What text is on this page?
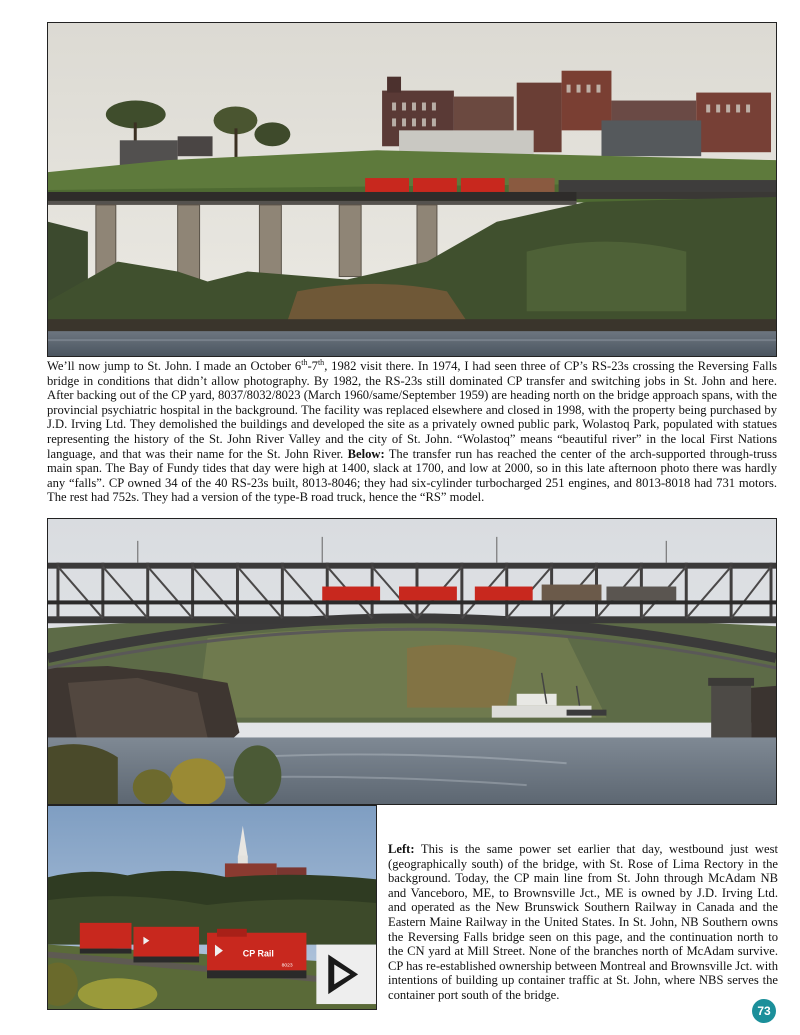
We’ll now jump to St. John. I made an October 6th-7th, 1982 visit there. In 1974, I had seen three of CP’s RS-23s crossing the Reversing Falls bridge in conditions that didn’t allow photography. By 1982, the RS-23s still dominated CP transfer and switching jobs in St. John and here. After backing out of the CP yard, 8037/8032/8023 (March 1960/same/September 1959) are heading north on the bridge approach spans, with the provincial psychiatric hospital in the background. The facility was replaced elsewhere and closed in 1998, with the property being purchased by J.D. Irving Ltd. They demolished the buildings and developed the site as a privately owned public park, Wolastoq Park, populated with statues representing the history of the St. John River Valley and the city of St. John. “Wolastoq” means “beautiful river” in the local First Nations language, and that was their name for the St. John River. Below: The transfer run has reached the center of the arch-supported through-truss main span. The Bay of Fundy tides that day were high at 1400, slack at 1700, and low at 2000, so in this late afternoon photo there was hardly any “falls”. CP owned 34 of the 40 RS-23s built, 8013-8046; they had six-cylinder turbocharged 251 engines, and 8013-8018 had 731 motors. The rest had 752s. They had a version of the type-B road truck, hence the “RS” model.

CP Rail
8023

Left: This is the same power set earlier that day, westbound just west (geographically south) of the bridge, with St. Rose of Lima Rectory in the background. Today, the CP main line from St. John through McAdam NB and Vanceboro, ME, to Brownsville Jct., ME is owned by J.D. Irving Ltd. and operated as the New Brunswick Southern Railway in Canada and the Eastern Maine Railway in the United States. In St. John, NB Southern owns the Reversing Falls bridge seen on this page, and the continuation north to the CN yard at Mill Street. None of the branches north of McAdam survive. CP has re-established ownership between Montreal and Brownsville Jct. with intentions of building up container traffic at St. John, where NBS serves the container port south of the bridge.

73
